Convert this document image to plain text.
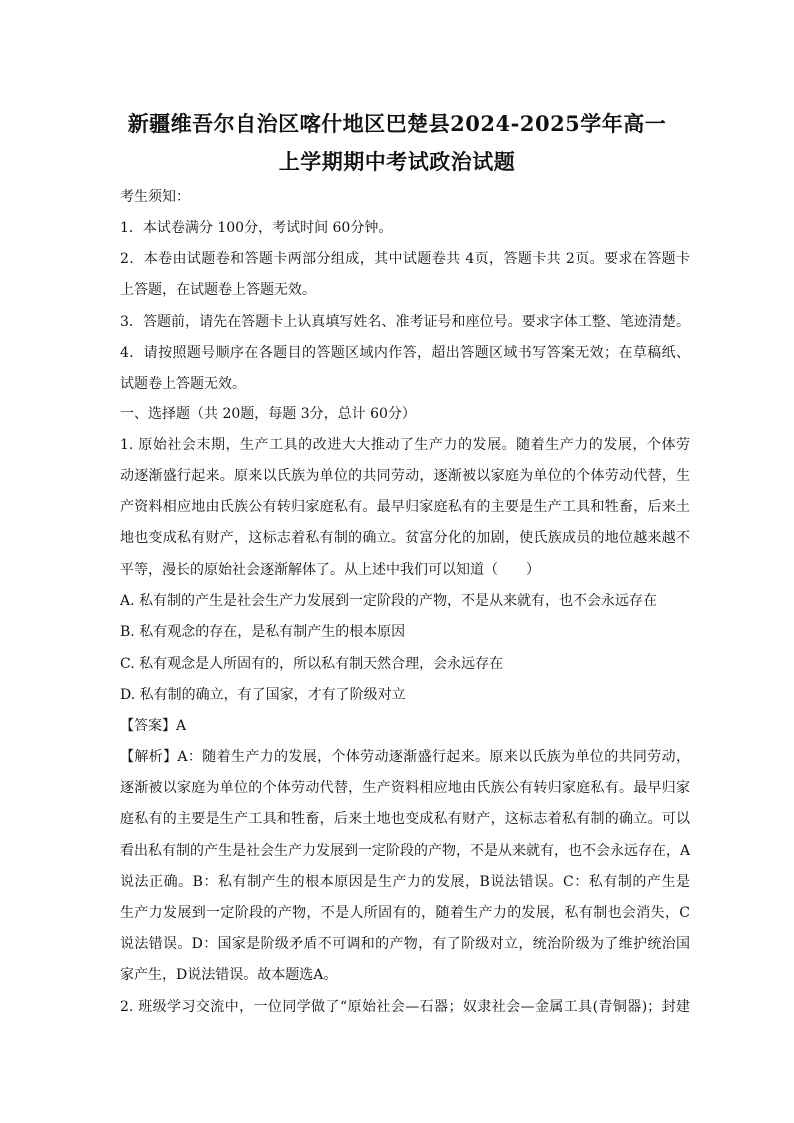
新疆维吾尔自治区喀什地区巴楚县2024-2025学年高一
上学期期中考试政治试题
考生须知：
1．本试卷满分 100分，考试时间 60分钟。
2．本卷由试题卷和答题卡两部分组成，其中试题卷共 4页，答题卡共 2页。要求在答题卡
上答题，在试题卷上答题无效。
3．答题前，请先在答题卡上认真填写姓名、准考证号和座位号。要求字体工整、笔迹清楚。
4．请按照题号顺序在各题目的答题区域内作答，超出答题区域书写答案无效；在草稿纸、
试题卷上答题无效。
一、选择题（共 20题，每题 3分，总计 60分）
1. 原始社会末期，生产工具的改进大大推动了生产力的发展。随着生产力的发展，个体劳
动逐渐盛行起来。原来以氏族为单位的共同劳动，逐渐被以家庭为单位的个体劳动代替，生
产资料相应地由氏族公有转归家庭私有。最早归家庭私有的主要是生产工具和牲畜，后来土
地也变成私有财产，这标志着私有制的确立。贫富分化的加剧，使氏族成员的地位越来越不
平等，漫长的原始社会逐渐解体了。从上述中我们可以知道（　　）
A. 私有制的产生是社会生产力发展到一定阶段的产物，不是从来就有，也不会永远存在
B. 私有观念的存在，是私有制产生的根本原因
C. 私有观念是人所固有的，所以私有制天然合理，会永远存在
D. 私有制的确立，有了国家，才有了阶级对立
【答案】A
【解析】A：随着生产力的发展，个体劳动逐渐盛行起来。原来以氏族为单位的共同劳动，
逐渐被以家庭为单位的个体劳动代替，生产资料相应地由氏族公有转归家庭私有。最早归家
庭私有的主要是生产工具和牲畜，后来土地也变成私有财产，这标志着私有制的确立。可以
看出私有制的产生是社会生产力发展到一定阶段的产物，不是从来就有，也不会永远存在，A
说法正确。B：私有制产生的根本原因是生产力的发展，B说法错误。C：私有制的产生是
生产力发展到一定阶段的产物，不是人所固有的，随着生产力的发展，私有制也会消失，C
说法错误。D：国家是阶级矛盾不可调和的产物，有了阶级对立，统治阶级为了维护统治国
家产生，D说法错误。故本题选A。
2. 班级学习交流中，一位同学做了“原始社会—石器；奴隶社会—金属工具(青铜器)；封建
